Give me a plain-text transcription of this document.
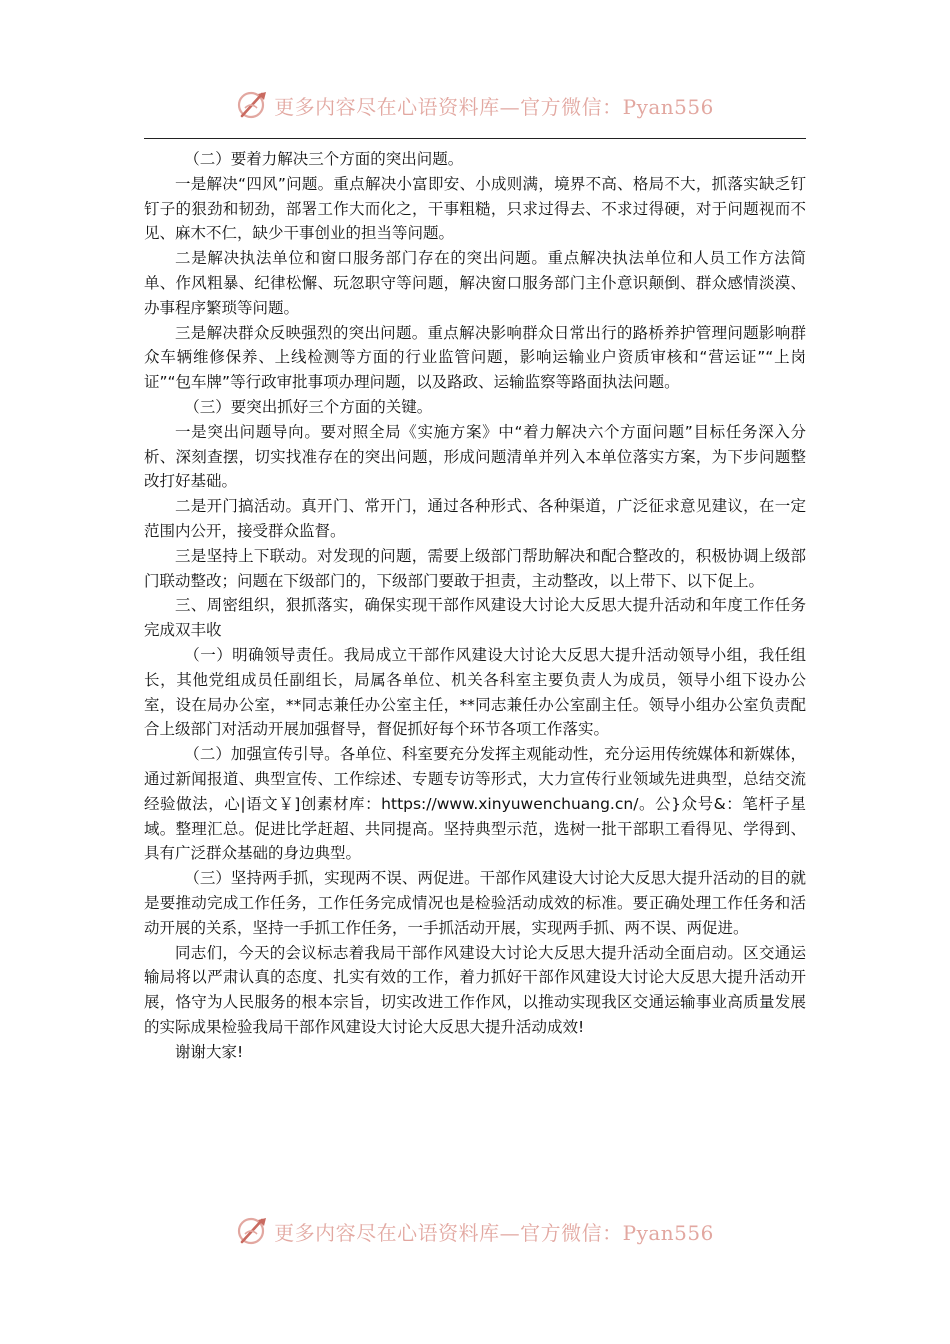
更多内容尽在心语资料库—官方微信：Pyan556

（二）要着力解决三个方面的突出问题。

一是解决“四风”问题。重点解决小富即安、小成则满，境界不高、格局不大，抓落实缺乏钉钉子的狠劲和韧劲，部署工作大而化之，干事粗糙，只求过得去、不求过得硬，对于问题视而不见、麻木不仁，缺少干事创业的担当等问题。

二是解决执法单位和窗口服务部门存在的突出问题。重点解决执法单位和人员工作方法简单、作风粗暴、纪律松懈、玩忽职守等问题，解决窗口服务部门主仆意识颠倒、群众感情淡漠、办事程序繁琐等问题。

三是解决群众反映强烈的突出问题。重点解决影响群众日常出行的路桥养护管理问题影响群众车辆维修保养、上线检测等方面的行业监管问题，影响运输业户资质审核和“营运证”“上岗证”“包车牌”等行政审批事项办理问题，以及路政、运输监察等路面执法问题。

（三）要突出抓好三个方面的关键。

一是突出问题导向。要对照全局《实施方案》中“着力解决六个方面问题”目标任务深入分析、深刻查摆，切实找准存在的突出问题，形成问题清单并列入本单位落实方案，为下步问题整改打好基础。

二是开门搞活动。真开门、常开门，通过各种形式、各种渠道，广泛征求意见建议，在一定范围内公开，接受群众监督。

三是坚持上下联动。对发现的问题，需要上级部门帮助解决和配合整改的，积极协调上级部门联动整改；问题在下级部门的，下级部门要敢于担责，主动整改，以上带下、以下促上。

三、周密组织，狠抓落实，确保实现干部作风建设大讨论大反思大提升活动和年度工作任务完成双丰收

（一）明确领导责任。我局成立干部作风建设大讨论大反思大提升活动领导小组，我任组长，其他党组成员任副组长，局属各单位、机关各科室主要负责人为成员，领导小组下设办公室，设在局办公室，**同志兼任办公室主任，**同志兼任办公室副主任。领导小组办公室负责配合上级部门对活动开展加强督导，督促抓好每个环节各项工作落实。

（二）加强宣传引导。各单位、科室要充分发挥主观能动性，充分运用传统媒体和新媒体，通过新闻报道、典型宣传、工作综述、专题专访等形式，大力宣传行业领域先进典型，总结交流经验做法，心|语文￥]创素材库：https://www.xinyuwenchuang.cn/。公}众号&：笔杆子星域。整理汇总。促进比学赶超、共同提高。坚持典型示范，选树一批干部职工看得见、学得到、具有广泛群众基础的身边典型。

（三）坚持两手抓，实现两不误、两促进。干部作风建设大讨论大反思大提升活动的目的就是要推动完成工作任务，工作任务完成情况也是检验活动成效的标准。要正确处理工作任务和活动开展的关系，坚持一手抓工作任务，一手抓活动开展，实现两手抓、两不误、两促进。

同志们，今天的会议标志着我局干部作风建设大讨论大反思大提升活动全面启动。区交通运输局将以严肃认真的态度、扎实有效的工作，着力抓好干部作风建设大讨论大反思大提升活动开展，恪守为人民服务的根本宗旨，切实改进工作作风，以推动实现我区交通运输事业高质量发展的实际成果检验我局干部作风建设大讨论大反思大提升活动成效!

谢谢大家!

更多内容尽在心语资料库—官方微信：Pyan556
